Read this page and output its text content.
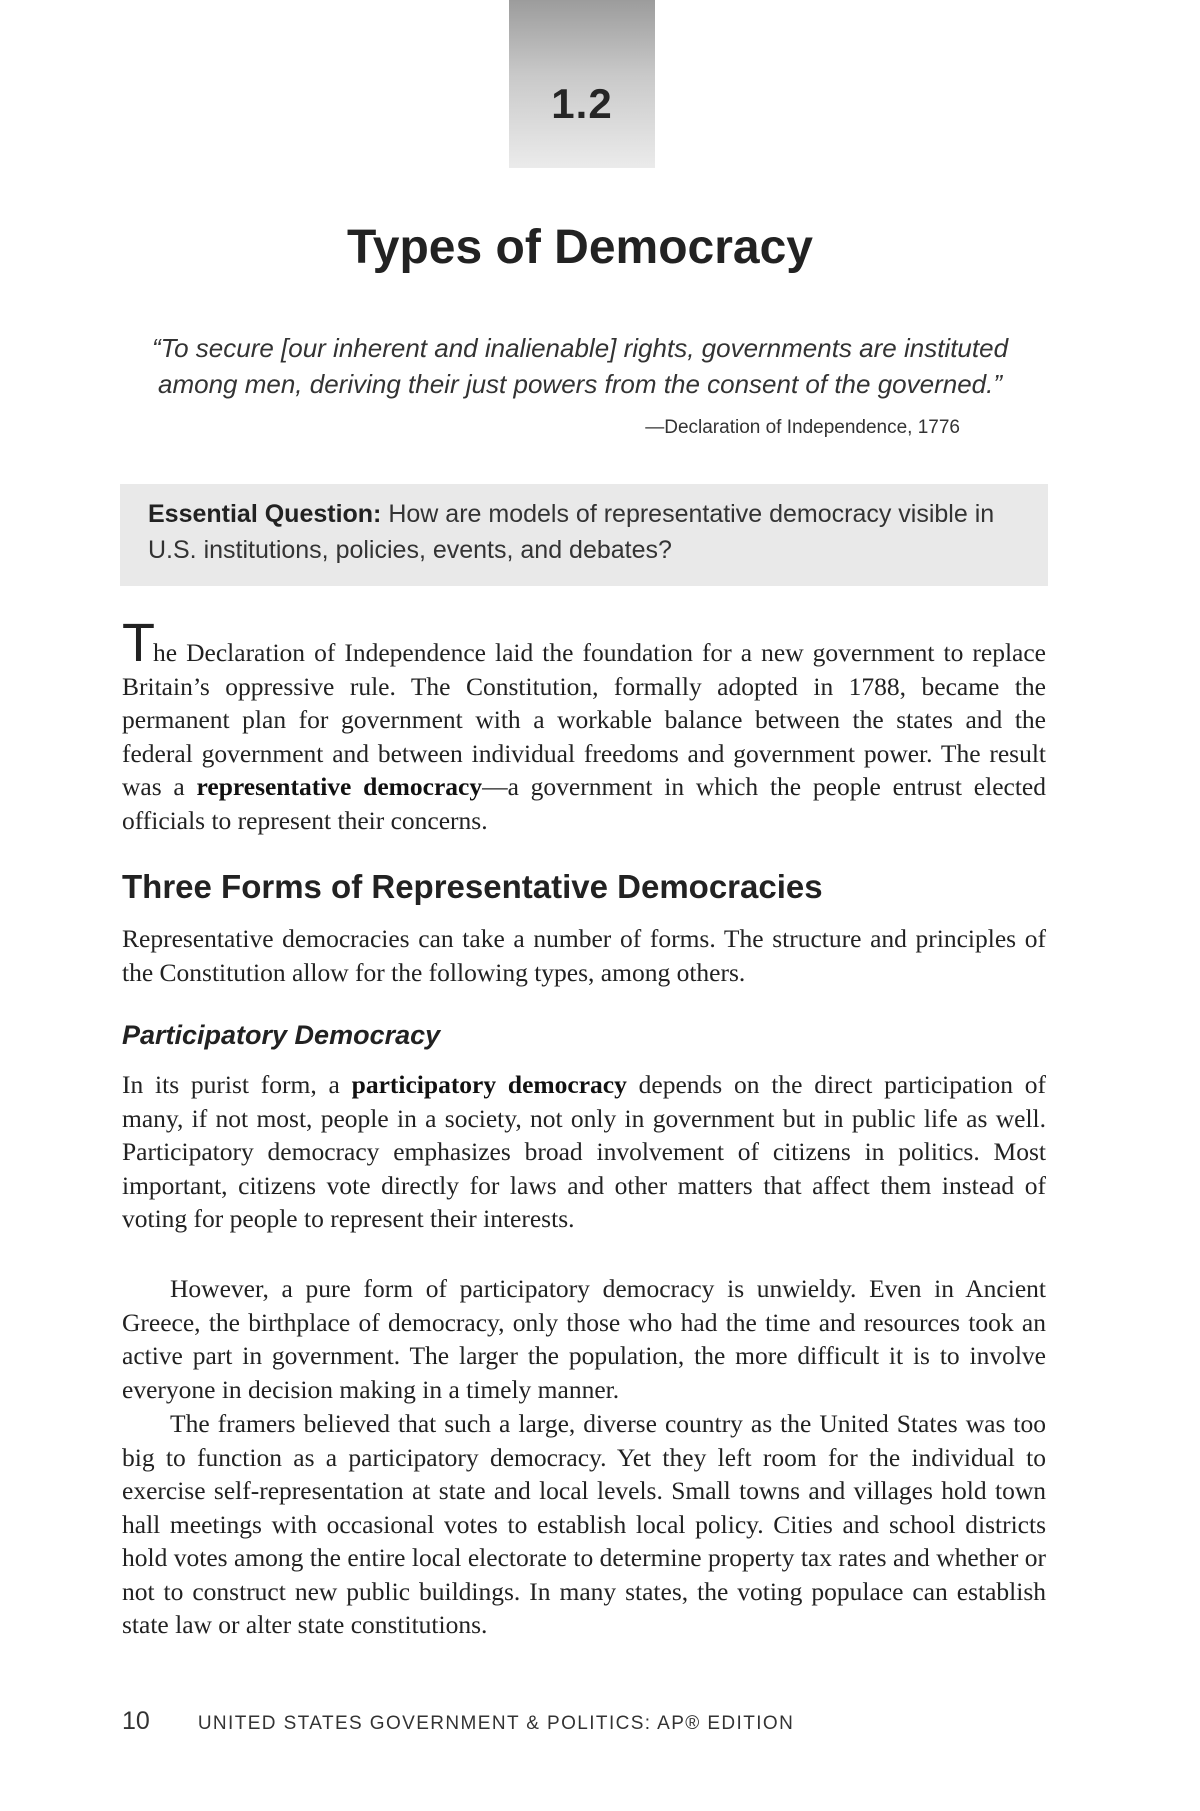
1.2
Types of Democracy
“To secure [our inherent and inalienable] rights, governments are instituted
among men, deriving their just powers from the consent of the governed.”

—Declaration of Independence, 1776

Essential Question: How are models of representative democracy visible in U.S. institutions, policies, events, and debates?

The Declaration of Independence laid the foundation for a new government to replace Britain’s oppressive rule. The Constitution, formally adopted in 1788, became the permanent plan for government with a workable balance between the states and the federal government and between individual freedoms and government power. The result was a representative democracy—a government in which the people entrust elected officials to represent their concerns.

Three Forms of Representative Democracies

Representative democracies can take a number of forms. The structure and principles of the Constitution allow for the following types, among others.

Participatory Democracy

In its purist form, a participatory democracy depends on the direct participation of many, if not most, people in a society, not only in government but in public life as well. Participatory democracy emphasizes broad involvement of citizens in politics. Most important, citizens vote directly for laws and other matters that affect them instead of voting for people to represent their interests.

However, a pure form of participatory democracy is unwieldy. Even in Ancient Greece, the birthplace of democracy, only those who had the time and resources took an active part in government. The larger the population, the more difficult it is to involve everyone in decision making in a timely manner.

The framers believed that such a large, diverse country as the United States was too big to function as a participatory democracy. Yet they left room for the individual to exercise self-representation at state and local levels. Small towns and villages hold town hall meetings with occasional votes to establish local policy. Cities and school districts hold votes among the entire local electorate to determine property tax rates and whether or not to construct new public buildings. In many states, the voting populace can establish state law or alter state constitutions.

10	UNITED STATES GOVERNMENT & POLITICS: AP® EDITION
